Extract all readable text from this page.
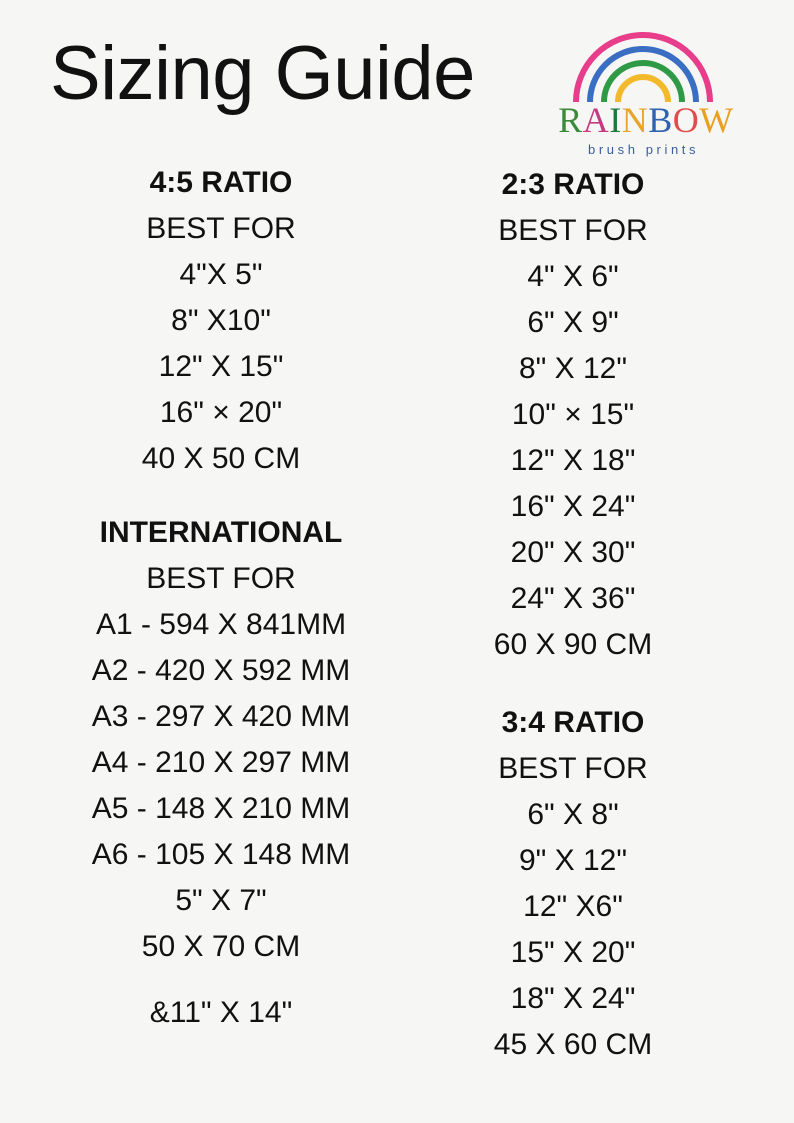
Sizing Guide
RAINBOW
brush prints
4:5 RATIO
BEST FOR
4"X 5"
8" X10"
12" X 15"
16" × 20"
40 X 50 CM
INTERNATIONAL
BEST FOR
A1 - 594 X 841MM
A2 - 420 X 592 MM
A3 - 297 X 420 MM
A4 - 210 X 297 MM
A5 - 148 X 210 MM
A6 - 105 X 148 MM
5" X 7"
50 X 70 CM
&11" X 14"
2:3 RATIO
BEST FOR
4" X 6"
6" X 9"
8" X 12"
10" × 15"
12" X 18"
16" X 24"
20" X 30"
24" X 36"
60 X 90 CM
3:4 RATIO
BEST FOR
6" X 8"
9" X 12"
12" X6"
15" X 20"
18" X 24"
45 X 60 CM
